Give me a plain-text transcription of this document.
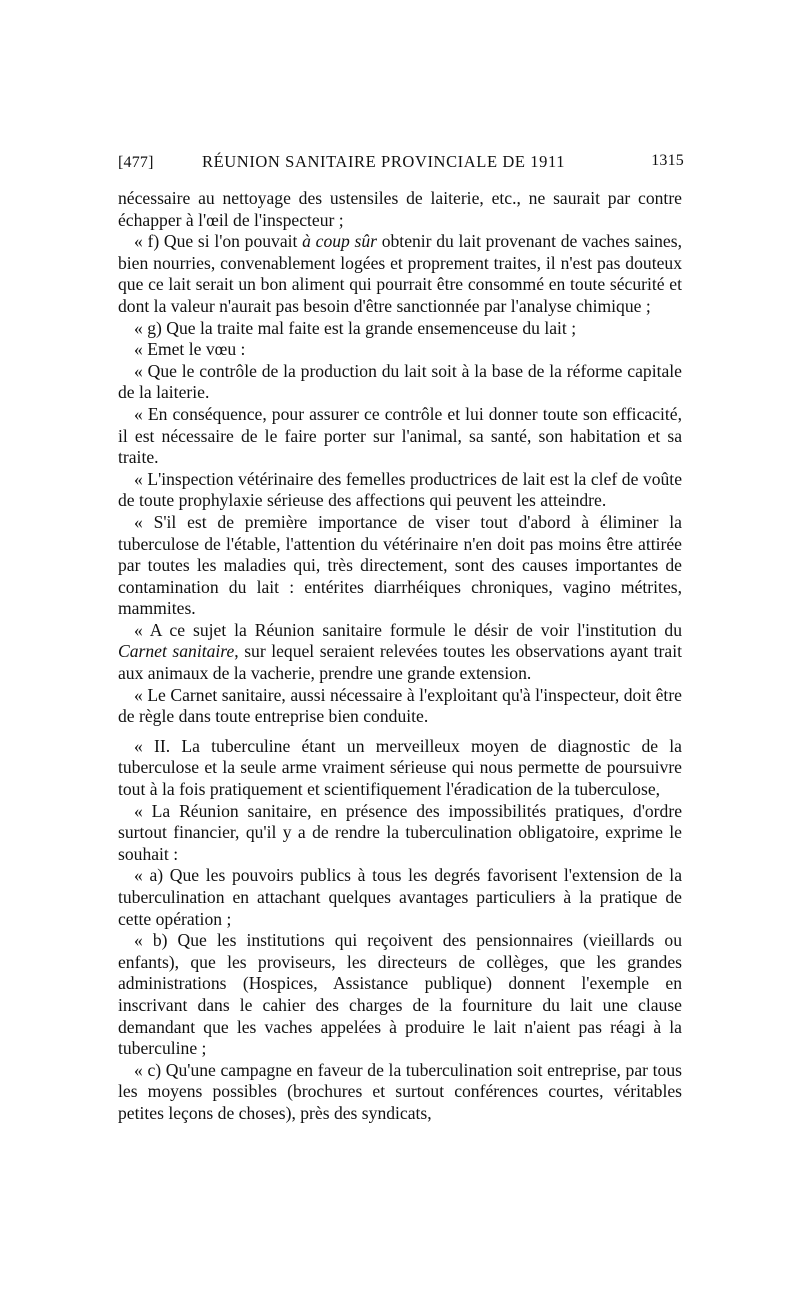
[477]	RÉUNION SANITAIRE PROVINCIALE DE 1911	1315

nécessaire au nettoyage des ustensiles de laiterie, etc., ne saurait par contre échapper à l'œil de l'inspecteur ;

« f) Que si l'on pouvait à coup sûr obtenir du lait provenant de vaches saines, bien nourries, convenablement logées et proprement traites, il n'est pas douteux que ce lait serait un bon aliment qui pourrait être consommé en toute sécurité et dont la valeur n'aurait pas besoin d'être sanctionnée par l'analyse chimique ;

« g) Que la traite mal faite est la grande ensemenceuse du lait ;

« Emet le vœu :

« Que le contrôle de la production du lait soit à la base de la réforme capitale de la laiterie.

« En conséquence, pour assurer ce contrôle et lui donner toute son efficacité, il est nécessaire de le faire porter sur l'animal, sa santé, son habitation et sa traite.

« L'inspection vétérinaire des femelles productrices de lait est la clef de voûte de toute prophylaxie sérieuse des affections qui peuvent les atteindre.

« S'il est de première importance de viser tout d'abord à éliminer la tuberculose de l'étable, l'attention du vétérinaire n'en doit pas moins être attirée par toutes les maladies qui, très directement, sont des causes importantes de contamination du lait : entérites diarrhéiques chroniques, vagino métrites, mammites.

« A ce sujet la Réunion sanitaire formule le désir de voir l'institution du Carnet sanitaire, sur lequel seraient relevées toutes les observations ayant trait aux animaux de la vacherie, prendre une grande extension.

« Le Carnet sanitaire, aussi nécessaire à l'exploitant qu'à l'inspecteur, doit être de règle dans toute entreprise bien conduite.

« II. La tuberculine étant un merveilleux moyen de diagnostic de la tuberculose et la seule arme vraiment sérieuse qui nous permette de poursuivre tout à la fois pratiquement et scientifiquement l'éradication de la tuberculose,

« La Réunion sanitaire, en présence des impossibilités pratiques, d'ordre surtout financier, qu'il y a de rendre la tuberculination obligatoire, exprime le souhait :

« a) Que les pouvoirs publics à tous les degrés favorisent l'extension de la tuberculination en attachant quelques avantages particuliers à la pratique de cette opération ;

« b) Que les institutions qui reçoivent des pensionnaires (vieillards ou enfants), que les proviseurs, les directeurs de collèges, que les grandes administrations (Hospices, Assistance publique) donnent l'exemple en inscrivant dans le cahier des charges de la fourniture du lait une clause demandant que les vaches appelées à produire le lait n'aient pas réagi à la tuberculine ;

« c) Qu'une campagne en faveur de la tuberculination soit entreprise, par tous les moyens possibles (brochures et surtout conférences courtes, véritables petites leçons de choses), près des syndicats,
